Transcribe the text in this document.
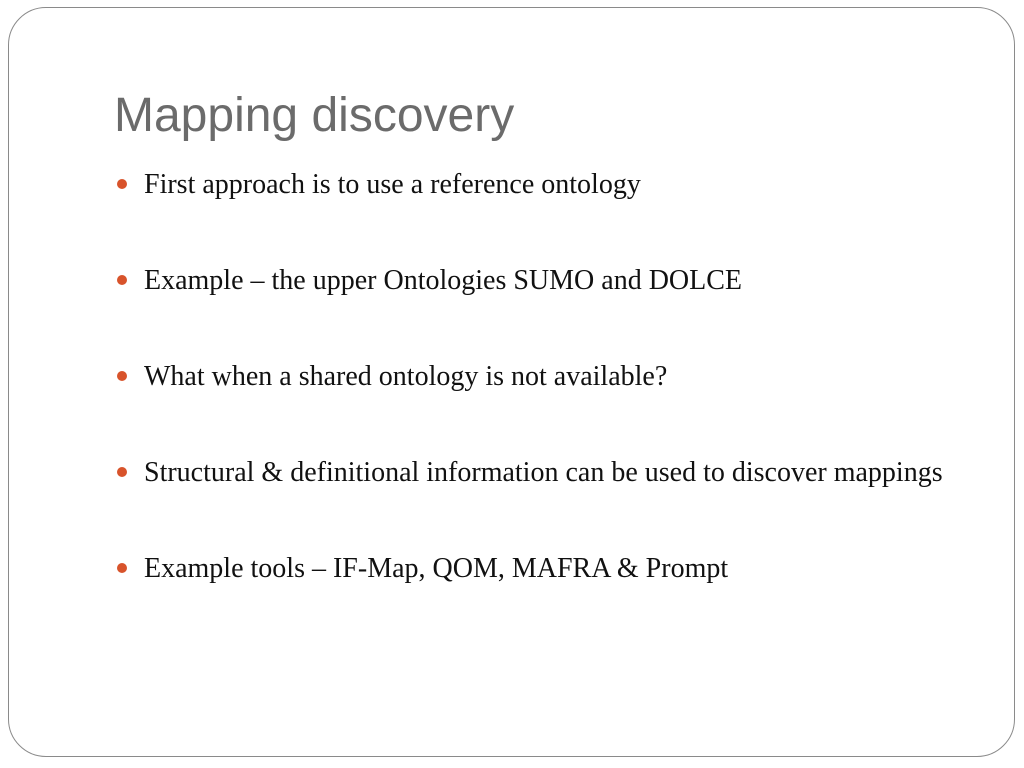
Mapping discovery
First approach is to use a reference ontology
Example – the upper Ontologies SUMO and DOLCE
What when a shared ontology is not available?
Structural & definitional information can be used to discover mappings
Example tools – IF-Map, QOM, MAFRA & Prompt
